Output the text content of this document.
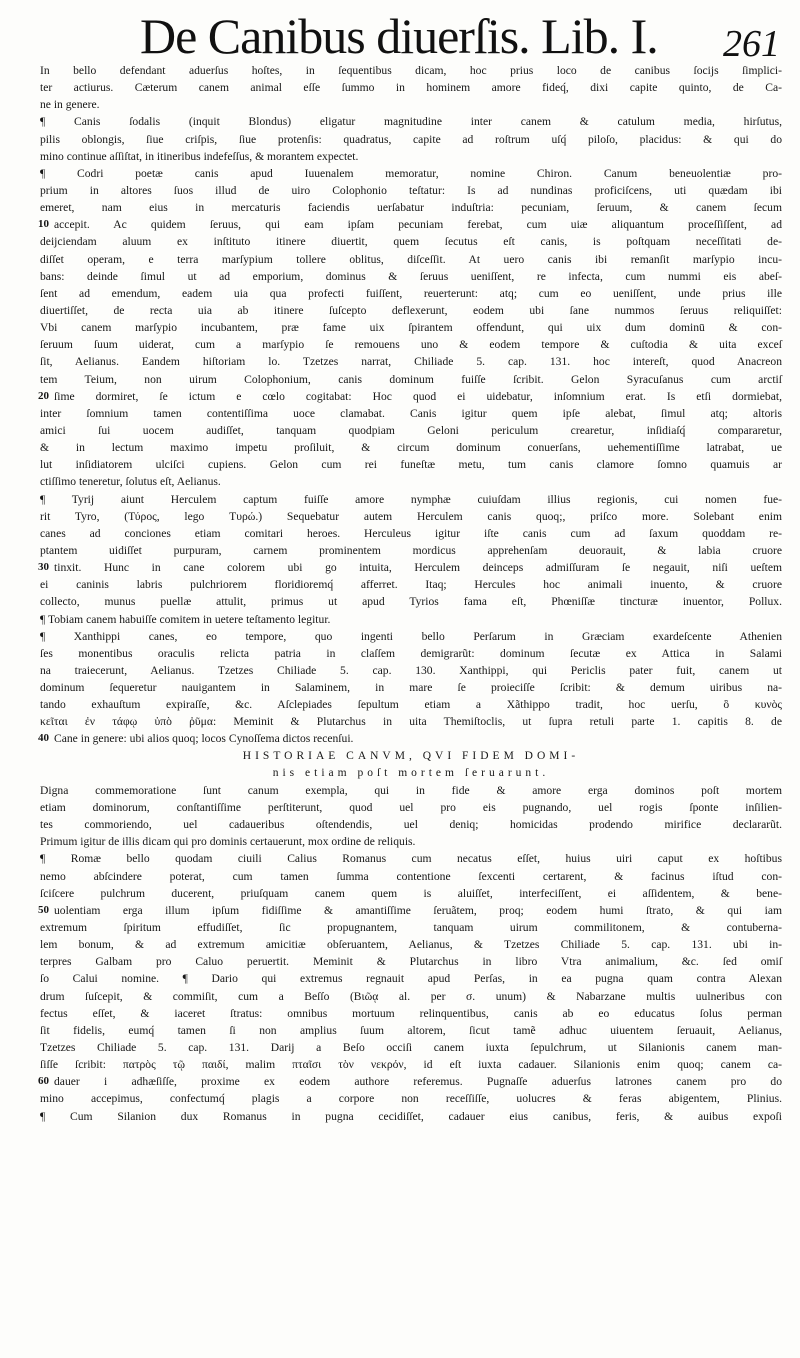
De Canibus diuerſis. Lib. I. 261
In bello defendant aduerſus hoſtes, in ſequentibus dicam, hoc prius loco de canibus ſocijs ſimplici-
ter actiurus. Cæterum canem animal eſſe ſummo in hominem amore fideq́, dixi capite quinto, de Ca-
ne in genere.
¶ Canis ſodalis (inquit Blondus) eligatur magnitudine inter canem & catulum media, hirſutus,
pilis oblongis, ſiue criſpis, ſiue protenſis: quadratus, capite ad roſtrum uſq́ piloſo, placidus: & qui do
mino continue aſſiſtat, in itineribus indefeſſus, & morantem expectet.
¶ Codri poetæ canis apud Iuuenalem memoratur, nomine Chiron. Canum beneuolentiæ pro-
prium in altores ſuos illud de uiro Colophonio teſtatur: Is ad nundinas proficiſcens, uti quædam ibi
emeret, nam eius in mercaturis faciendis uerſabatur induſtria: pecuniam, ſeruum, & canem ſecum
10 accepit. Ac quidem ſeruus, qui eam ipſam pecuniam ferebat, cum uiæ aliquantum proceſſiſſent, ad
deijciendam aluum ex inſtituto itinere diuertit, quem ſecutus eſt canis, is poſtquam neceſſitati de-
diſſet operam, e terra marſypium tollere oblitus, diſceſſit. At uero canis ibi remanſit marſypio incu-
bans: deinde ſimul ut ad emporium, dominus & ſeruus ueniſſent, re infecta, cum nummi eis abeſ-
ſent ad emendum, eadem uia qua profecti fuiſſent, reuerterunt: atq; cum eo ueniſſent, unde prius ille
diuertiſſet, de recta uia ab itinere ſuſcepto deflexerunt, eodem ubi ſane nummos ſeruus reliquiſſet:
Vbi canem marſypio incubantem, præ fame uix ſpirantem offendunt, qui uix dum dominū & con-
ſeruum ſuum uiderat, cum a marſypio ſe remouens uno & eodem tempore & cuſtodia & uita exceſ
ſit, Aelianus. Eandem hiſtoriam lo. Tzetzes narrat, Chiliade 5. cap. 131. hoc intereſt, quod Anacreon
tem Teium, non uirum Colophonium, canis dominum fuiſſe ſcribit. Gelon Syracuſanus cum arctiſ
20 ſime dormiret, ſe ictum e cœlo cogitabat: Hoc quod ei uidebatur, inſomnium erat. Is etſi dormiebat,
inter ſomnium tamen contentiſſima uoce clamabat. Canis igitur quem ipſe alebat, ſimul atq; altoris
amici ſui uocem audiſſet, tanquam quodpiam Geloni periculum crearetur, inſidiaſq́ compararetur,
& in lectum maximo impetu proſiluit, & circum dominum conuerſans, uehementiſſime latrabat, ue
lut inſidiatorem ulciſci cupiens. Gelon cum rei funeſtæ metu, tum canis clamore ſomno quamuis ar
ctiſſimo teneretur, ſolutus eſt, Aelianus.
¶ Tyrij aiunt Herculem captum fuiſſe amore nymphæ cuiuſdam illius regionis, cui nomen fue-
rit Tyro, (Τύρος, lego Τυρώ.) Sequebatur autem Herculem canis quoq;, priſco more. Solebant enim
canes ad conciones etiam comitari heroes. Herculeus igitur iſte canis cum ad ſaxum quoddam re-
ptantem uidiſſet purpuram, carnem prominentem mordicus apprehenſam deuorauit, & labia cruore
30 tinxit. Hunc in cane colorem ubi go intuita, Herculem deinceps admiſſuram ſe negauit, niſi ueſtem
ei caninis labris pulchriorem floridioremq́ afferret. Itaq; Hercules hoc animali inuento, & cruore
collecto, munus puellæ attulit, primus ut apud Tyrios fama eſt, Phœniſſæ tincturæ inuentor, Pollux.
¶ Tobiam canem habuiſſe comitem in uetere teſtamento legitur.
¶ Xanthippi canes, eo tempore, quo ingenti bello Perſarum in Græciam exardeſcente Athenien
ſes monentibus oraculis relicta patria in claſſem demigrarũt: dominum ſecutæ ex Attica in Salami
na traiecerunt, Aelianus. Tzetzes Chiliade 5. cap. 130. Xanthippi, qui Periclis pater fuit, canem ut
dominum ſequeretur nauigantem in Salaminem, in mare ſe proieciſſe ſcribit: & demum uiribus na-
tando exhauſtum expiraſſe, &c. Aſclepiades ſepultum etiam a Xãthippo tradit, hoc uerſu, ὃ κυνὸς
κεῖται ἐν τάφῳ ὑπὸ ῥῦμα: Meminit & Plutarchus in uita Themiſtoclis, ut ſupra retuli parte 1. capitis 8. de
40 Cane in genere: ubi alios quoq; locos Cynoſſema dictos recenſui.
HISTORIAE CANVM, QVI FIDEM DOMI-
nis etiam poſt mortem ſeruarunt.
Digna commemoratione ſunt canum exempla, qui in fide & amore erga dominos poſt mortem
etiam dominorum, conſtantiſſime perſtiterunt, quod uel pro eis pugnando, uel rogis ſponte inſilien-
tes commoriendo, uel cadaueribus oſtendendis, uel deniq; homicidas prodendo mirifice declararũt.
Primum igitur de illis dicam qui pro dominis certauerunt, mox ordine de reliquis.
¶ Romæ bello quodam ciuili Calius Romanus cum necatus eſſet, huius uiri caput ex hoſtibus
nemo abſcindere poterat, cum tamen ſumma contentione ſexcenti certarent, & facinus iſtud con-
ſciſcere pulchrum ducerent, priuſquam canem quem is aluiſſet, interfeciſſent, ei aſſidentem, & bene-
50 uolentiam erga illum ipſum fidiſſime & amantiſſime ſeruãtem, proq; eodem humi ſtrato, & qui iam
extremum ſpiritum effudiſſet, ſic propugnantem, tanquam uirum commilitonem, & contuberna-
lem bonum, & ad extremum amicitiæ obſeruantem, Aelianus, & Tzetzes Chiliade 5. cap. 131. ubi in-
terpres Galbam pro Caluo peruertit. Meminit & Plutarchus in libro Vtra animalium, &c. ſed omiſ
ſo Calui nomine. ¶ Dario qui extremus regnauit apud Perſas, in ea pugna quam contra Alexan
drum ſuſcepit, & commiſit, cum a Beſſo (Βιῶᾳ al. per σ. unum) & Nabarzane multis uulneribus con
fectus eſſet, & iaceret ſtratus: omnibus mortuum relinquentibus, canis ab eo educatus ſolus perman
ſit fidelis, eumq́ tamen ſi non amplius ſuum altorem, ſicut tamẽ adhuc uiuentem ſeruauit, Aelianus,
Tzetzes Chiliade 5. cap. 131. Darij a Beſo occiſi canem iuxta ſepulchrum, ut Silanionis canem man-
ſiſſe ſcribit: πατρὸς τῷ παιδί, malim πταῖσι τὸν νεκρόν, id eſt iuxta cadauer. Silanionis enim quoq; canem ca-
60 dauer i adhæſiſſe, proxime ex eodem authore referemus. Pugnaſſe aduerſus latrones canem pro do
mino accepimus, confectumq́ plagis a corpore non receſſiſſe, uolucres & feras abigentem, Plinius.
¶ Cum Silanion dux Romanus in pugna cecidiſſet, cadauer eius canibus, feris, & auibus expoſi
